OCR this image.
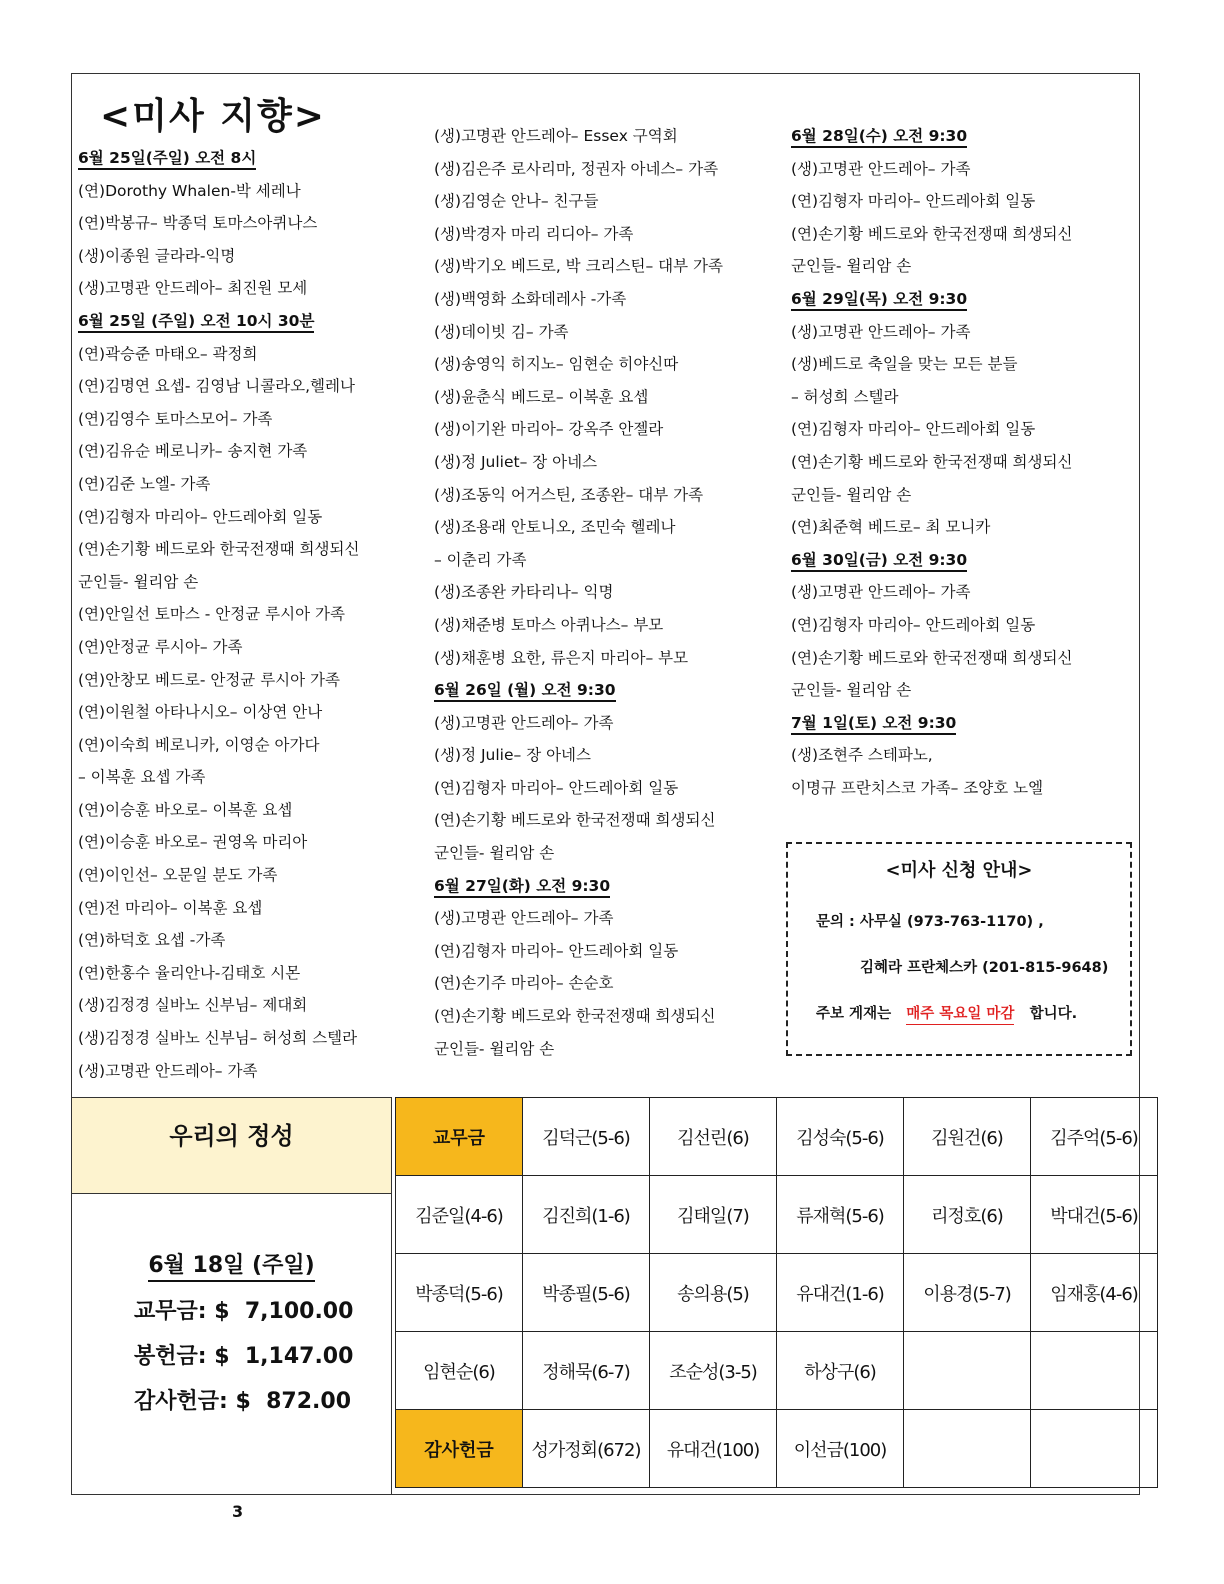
<미사 지향>
6월 25일(주일) 오전 8시
(연)Dorothy Whalen-박 세레나
(연)박봉규– 박종덕 토마스아퀴나스
(생)이종원 글라라-익명
(생)고명관 안드레아– 최진원 모세
6월 25일 (주일) 오전 10시 30분
(연)곽승준 마태오– 곽정희
(연)김명연 요셉- 김영남 니콜라오,헬레나
(연)김영수 토마스모어– 가족
(연)김유순 베로니카– 송지현 가족
(연)김준 노엘- 가족
(연)김형자 마리아– 안드레아회 일동
(연)손기황 베드로와 한국전쟁때 희생되신
군인들- 윌리암 손
(연)안일선 토마스 - 안정균 루시아 가족
(연)안정균 루시아– 가족
(연)안창모 베드로- 안정균 루시아 가족
(연)이원철 아타나시오– 이상연 안나
(연)이숙희 베로니카, 이영순 아가다
– 이복훈 요셉 가족
(연)이승훈 바오로– 이복훈 요셉
(연)이승훈 바오로– 권영옥 마리아
(연)이인선– 오문일 분도 가족
(연)전 마리아– 이복훈 요셉
(연)하덕호 요셉 -가족
(연)한홍수 율리안나-김태호 시몬
(생)김정경 실바노 신부님– 제대회
(생)김정경 실바노 신부님– 허성희 스텔라
(생)고명관 안드레아– 가족
(생)고명관 안드레아– Essex 구역회
(생)김은주 로사리마, 정권자 아네스– 가족
(생)김영순 안나– 친구들
(생)박경자 마리 리디아– 가족
(생)박기오 베드로, 박 크리스틴– 대부 가족
(생)백영화 소화데레사 -가족
(생)데이빗 김– 가족
(생)송영익 히지노– 임현순 히야신따
(생)윤춘식 베드로– 이복훈 요셉
(생)이기완 마리아– 강옥주 안젤라
(생)정 Juliet– 장 아네스
(생)조동익 어거스틴, 조종완– 대부 가족
(생)조용래 안토니오, 조민숙 헬레나
– 이춘리 가족
(생)조종완 카타리나– 익명
(생)채준병 토마스 아퀴나스– 부모
(생)채훈병 요한, 류은지 마리아– 부모
6월 26일 (월) 오전 9:30
(생)고명관 안드레아– 가족
(생)정 Julie– 장 아네스
(연)김형자 마리아– 안드레아회 일동
(연)손기황 베드로와 한국전쟁때 희생되신
군인들- 윌리암 손
6월 27일(화) 오전 9:30
(생)고명관 안드레아– 가족
(연)김형자 마리아– 안드레아회 일동
(연)손기주 마리아– 손순호
(연)손기황 베드로와 한국전쟁때 희생되신
군인들- 윌리암 손
6월 28일(수) 오전 9:30
(생)고명관 안드레아– 가족
(연)김형자 마리아– 안드레아회 일동
(연)손기황 베드로와 한국전쟁때 희생되신
군인들- 윌리암 손
6월 29일(목) 오전 9:30
(생)고명관 안드레아– 가족
(생)베드로 축일을 맞는 모든 분들
– 허성희 스텔라
(연)김형자 마리아– 안드레아회 일동
(연)손기황 베드로와 한국전쟁때 희생되신
군인들- 윌리암 손
(연)최준혁 베드로– 최 모니카
6월 30일(금) 오전 9:30
(생)고명관 안드레아– 가족
(연)김형자 마리아– 안드레아회 일동
(연)손기황 베드로와 한국전쟁때 희생되신
군인들- 윌리암 손
7월 1일(토) 오전 9:30
(생)조현주 스테파노,
이명규 프란치스코 가족– 조양호 노엘
<미사 신청 안내>
문의 : 사무실 (973-763-1170) ,
김혜라 프란체스카 (201-815-9648)
주보 게재는 매주 목요일 마감 합니다.
우리의 정성
6월 18일 (주일)
교무금: $ 7,100.00
봉헌금: $ 1,147.00
감사헌금: $ 872.00
교무금	김덕근(5-6)	김선린(6)	김성숙(5-6)	김원건(6)	김주억(5-6)
김준일(4-6)	김진희(1-6)	김태일(7)	류재혁(5-6)	리정호(6)	박대건(5-6)
박종덕(5-6)	박종필(5-6)	송의용(5)	유대건(1-6)	이용경(5-7)	임재홍(4-6)
임현순(6)	정해묵(6-7)	조순성(3-5)	하상구(6)		
감사헌금	성가정회(672)	유대건(100)	이선금(100)		
3
